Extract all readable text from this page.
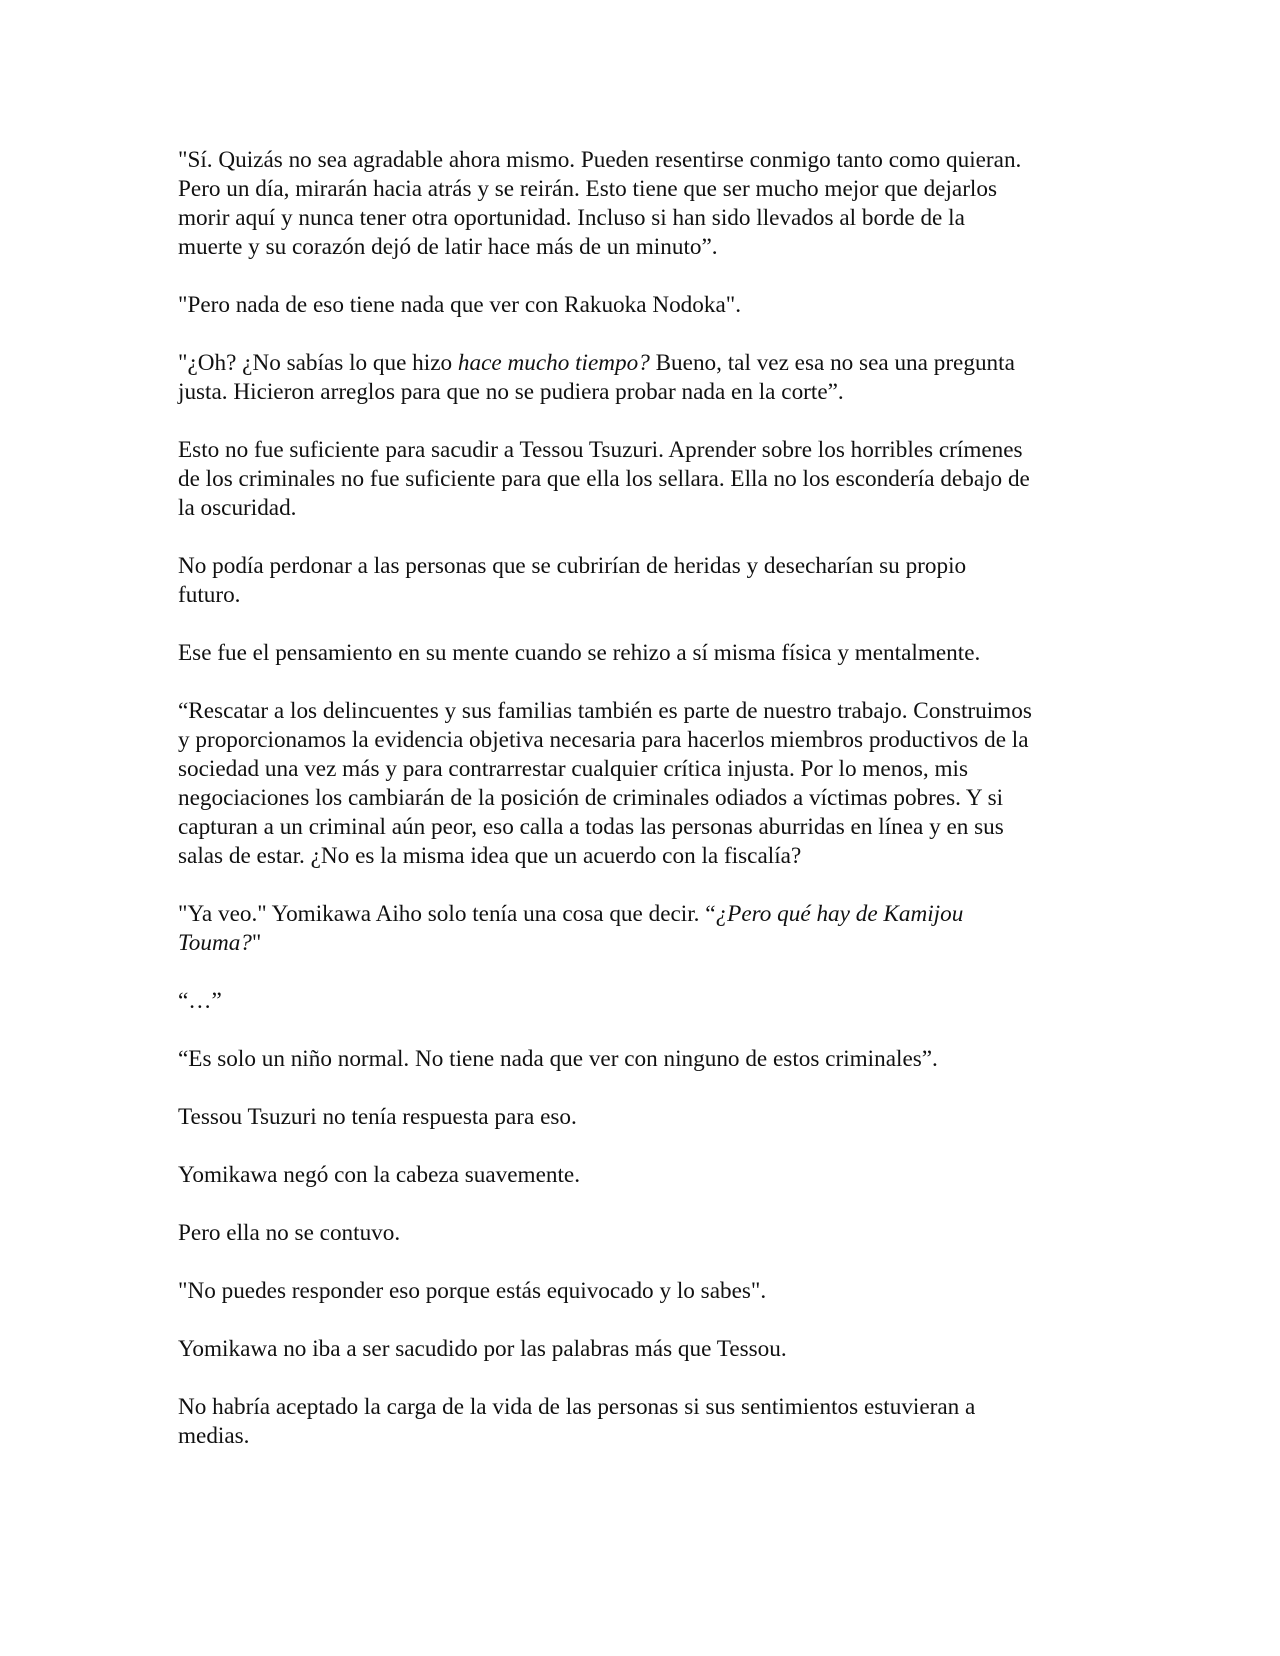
"Sí. Quizás no sea agradable ahora mismo. Pueden resentirse conmigo tanto como quieran.
Pero un día, mirarán hacia atrás y se reirán. Esto tiene que ser mucho mejor que dejarlos
morir aquí y nunca tener otra oportunidad. Incluso si han sido llevados al borde de la
muerte y su corazón dejó de latir hace más de un minuto”.

"Pero nada de eso tiene nada que ver con Rakuoka Nodoka".

"¿Oh? ¿No sabías lo que hizo hace mucho tiempo? Bueno, tal vez esa no sea una pregunta
justa. Hicieron arreglos para que no se pudiera probar nada en la corte”.

Esto no fue suficiente para sacudir a Tessou Tsuzuri. Aprender sobre los horribles crímenes
de los criminales no fue suficiente para que ella los sellara. Ella no los escondería debajo de
la oscuridad.

No podía perdonar a las personas que se cubrirían de heridas y desecharían su propio
futuro.

Ese fue el pensamiento en su mente cuando se rehizo a sí misma física y mentalmente.

“Rescatar a los delincuentes y sus familias también es parte de nuestro trabajo. Construimos
y proporcionamos la evidencia objetiva necesaria para hacerlos miembros productivos de la
sociedad una vez más y para contrarrestar cualquier crítica injusta. Por lo menos, mis
negociaciones los cambiarán de la posición de criminales odiados a víctimas pobres. Y si
capturan a un criminal aún peor, eso calla a todas las personas aburridas en línea y en sus
salas de estar. ¿No es la misma idea que un acuerdo con la fiscalía?

"Ya veo." Yomikawa Aiho solo tenía una cosa que decir. “¿Pero qué hay de Kamijou
Touma?"

“…”

“Es solo un niño normal. No tiene nada que ver con ninguno de estos criminales”.

Tessou Tsuzuri no tenía respuesta para eso.

Yomikawa negó con la cabeza suavemente.

Pero ella no se contuvo.

"No puedes responder eso porque estás equivocado y lo sabes".

Yomikawa no iba a ser sacudido por las palabras más que Tessou.

No habría aceptado la carga de la vida de las personas si sus sentimientos estuvieran a
medias.
